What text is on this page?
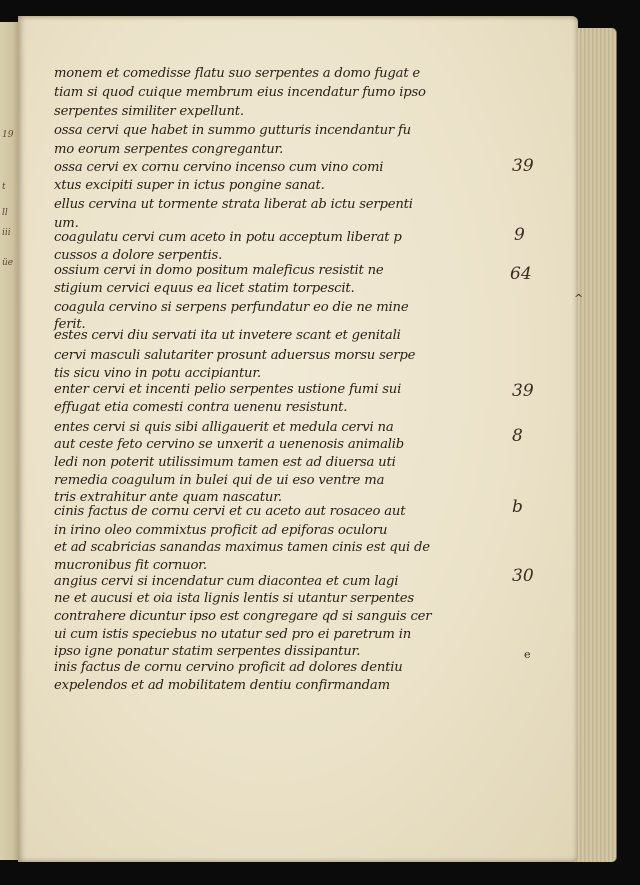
19
t
ll
iii
üe
monem et comedisse flatu suo serpentes a domo fugat e
tiam si quod cuique membrum eius incendatur fumo ipso
serpentes similiter expellunt.
ossa cervi que habet in summo gutturis incendantur fu
mo eorum serpentes congregantur.
ossa cervi ex cornu cervino incenso cum vino comi
xtus excipiti super in ictus pongine sanat.
ellus cervina ut tormente strata liberat ab ictu serpenti
um.
coagulatu cervi cum aceto in potu acceptum liberat p
cussos a dolore serpentis.
ossium cervi in domo positum maleficus resistit ne
stigium cervici equus ea licet statim torpescit.
coagula cervino si serpens perfundatur eo die ne mine
ferit.
estes cervi diu servati ita ut invetere scant et genitali
cervi masculi salutariter prosunt aduersus morsu serpe
tis sicu vino in potu accipiantur.
enter cervi et incenti pelio serpentes ustione fumi sui
effugat etia comesti contra uenenu resistunt.
entes cervi si quis sibi alligauerit et medula cervi na
aut ceste feto cervino se unxerit a uenenosis animalib
ledi non poterit utilissimum tamen est ad diuersa uti
remedia coagulum in bulei qui de ui eso ventre ma
tris extrahitur ante quam nascatur.
cinis factus de cornu cervi et cu aceto aut rosaceo aut
in irino oleo commixtus proficit ad epiforas oculoru
et ad scabricias sanandas maximus tamen cinis est qui de
mucronibus fit cornuor.
angius cervi si incendatur cum diacontea et cum lagi
ne et aucusi et oia ista lignis lentis si utantur serpentes
contrahere dicuntur ipso est congregare qd si sanguis cer
ui cum istis speciebus no utatur sed pro ei paretrum in
ipso igne ponatur statim serpentes dissipantur.
inis factus de cornu cervino proficit ad dolores dentiu
expelendos et ad mobilitatem dentiu confirmandam
39
9
64
^
39
8
b
30
e
